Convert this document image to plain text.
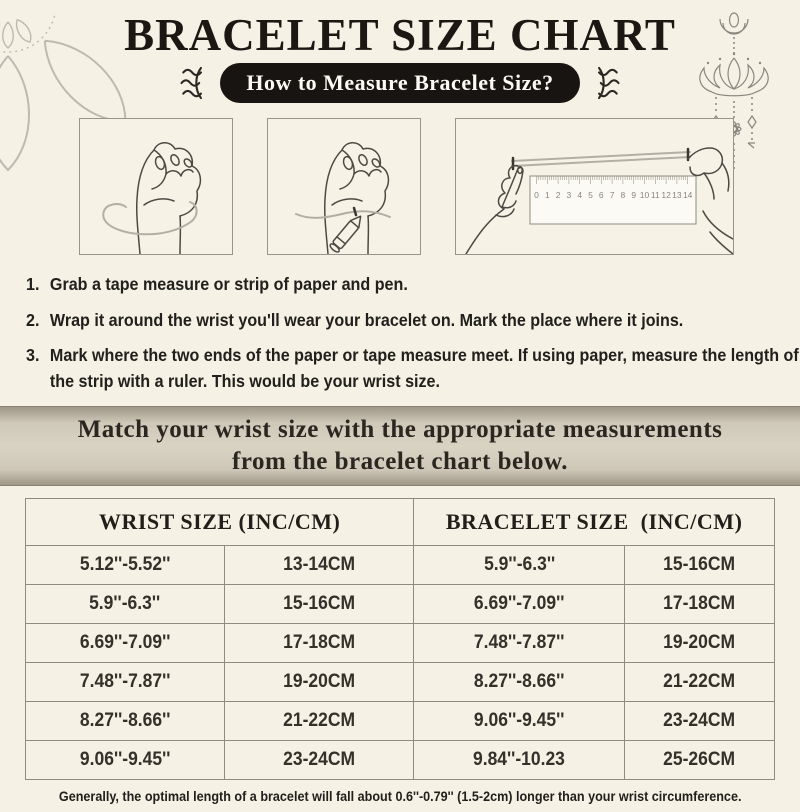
BRACELET SIZE CHART
How to Measure Bracelet Size?
0 1 2 3 4 5 6 7 8 9 10 11 12 13 14
1. Grab a tape measure or strip of paper and pen.
2. Wrap it around the wrist you'll wear your bracelet on. Mark the place where it joins.
3. Mark where the two ends of the paper or tape measure meet. If using paper, measure the length of the strip with a ruler. This would be your wrist size.
Match your wrist size with the appropriate measurements from the bracelet chart below.
WRIST SIZE (INC/CM)		BRACELET SIZE  (INC/CM)	
5.12''-5.52''	13-14CM	5.9''-6.3''	15-16CM
5.9''-6.3''	15-16CM	6.69''-7.09''	17-18CM
6.69''-7.09''	17-18CM	7.48''-7.87''	19-20CM
7.48''-7.87''	19-20CM	8.27''-8.66''	21-22CM
8.27''-8.66''	21-22CM	9.06''-9.45''	23-24CM
9.06''-9.45''	23-24CM	9.84''-10.23	25-26CM
Generally, the optimal length of a bracelet will fall about 0.6''-0.79'' (1.5-2cm) longer than your wrist circumference.
